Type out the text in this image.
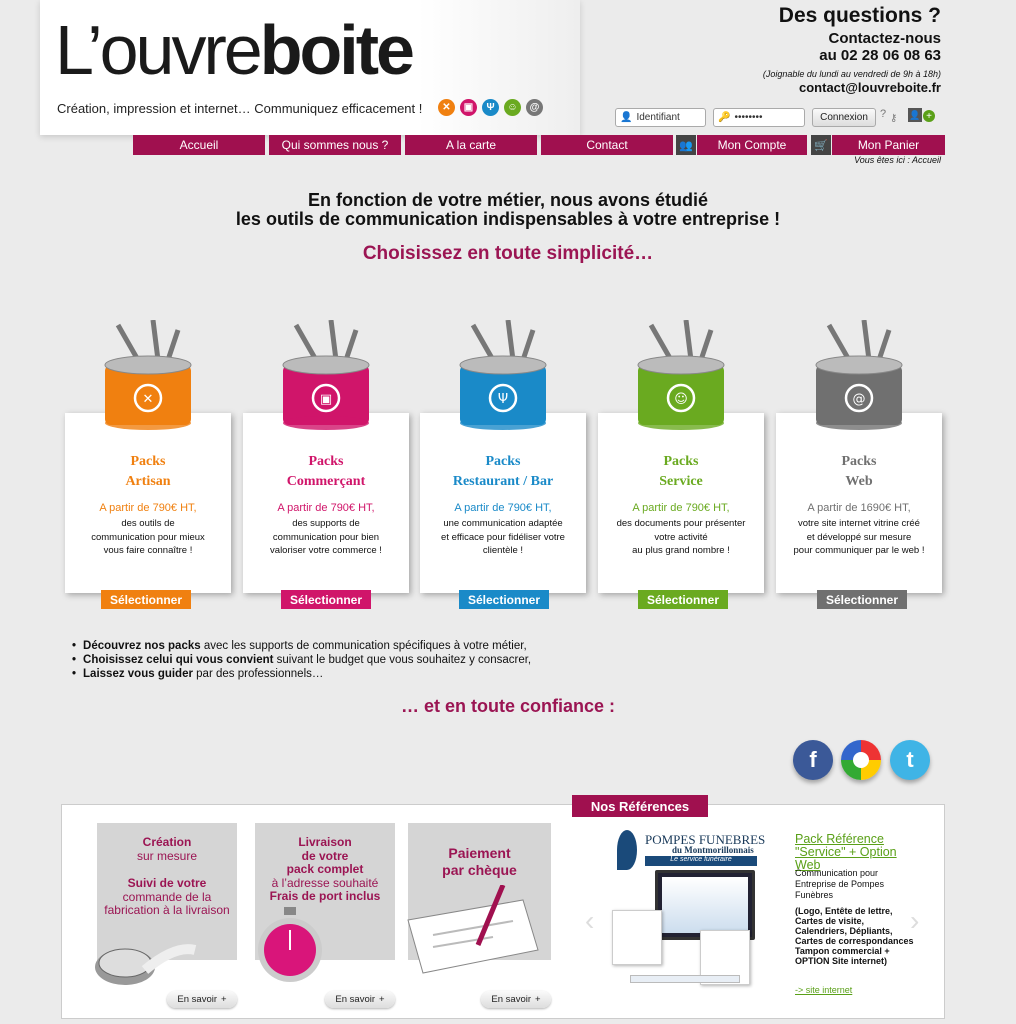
L’ouvreboite
Création, impression et internet… Communiquez efficacement !	✕	▣	Ψ	☺	@
Des questions ?
Contactez-nous
au 02 28 06 08 63
(Joignable du lundi au vendredi de 9h à 18h)
contact@louvreboite.fr
👤 Identifiant	🔑 ••••••••	Connexion	? ⚷ 👤 +
Accueil	Qui sommes nous ?	A la carte	Contact	👥	Mon Compte	🛒	Mon Panier
Vous êtes ici : Accueil
En fonction de votre métier, nous avons étudié
les outils de communication indispensables à votre entreprise !
Choisissez en toute simplicité…
Packs
Artisan
A partir de 790€ HT,
des outils de
communication pour mieux
vous faire connaître !
✕
Sélectionner
Packs
Commerçant
A partir de 790€ HT,
des supports de
communication pour bien
valoriser votre commerce !
▣
Sélectionner
Packs
Restaurant / Bar
A partir de 790€ HT,
une communication adaptée
et efficace pour fidéliser votre
clientèle !
Ψ
Sélectionner
Packs
Service
A partir de 790€ HT,
des documents pour présenter
votre activité
au plus grand nombre !
☺
Sélectionner
Packs
Web
A partir de 1690€ HT,
votre site internet vitrine créé
et développé sur mesure
pour communiquer par le web !
@
Sélectionner
• Découvrez nos packs avec les supports de communication spécifiques à votre métier,
• Choisissez celui qui vous convient suivant le budget que vous souhaitez y consacrer,
• Laissez vous guider par des professionnels…
… et en toute confiance :
f	t
Nos Références
Création
sur mesure
Suivi de votre
commande de la
fabrication à la livraison
En savoir +
Livraison
de votre
pack complet
à l’adresse souhaité
Frais de port inclus
En savoir +
Paiement
par chèque
En savoir +
‹	›
POMPES FUNEBRES
du Montmorillonnais
Le service funéraire
Pack Référence "Service" + Option Web
Communication pour Entreprise de Pompes Funèbres
(Logo, Entête de lettre, Cartes de visite, Calendriers, Dépliants, Cartes de correspondances Tampon commercial + OPTION Site internet)
-> site internet
